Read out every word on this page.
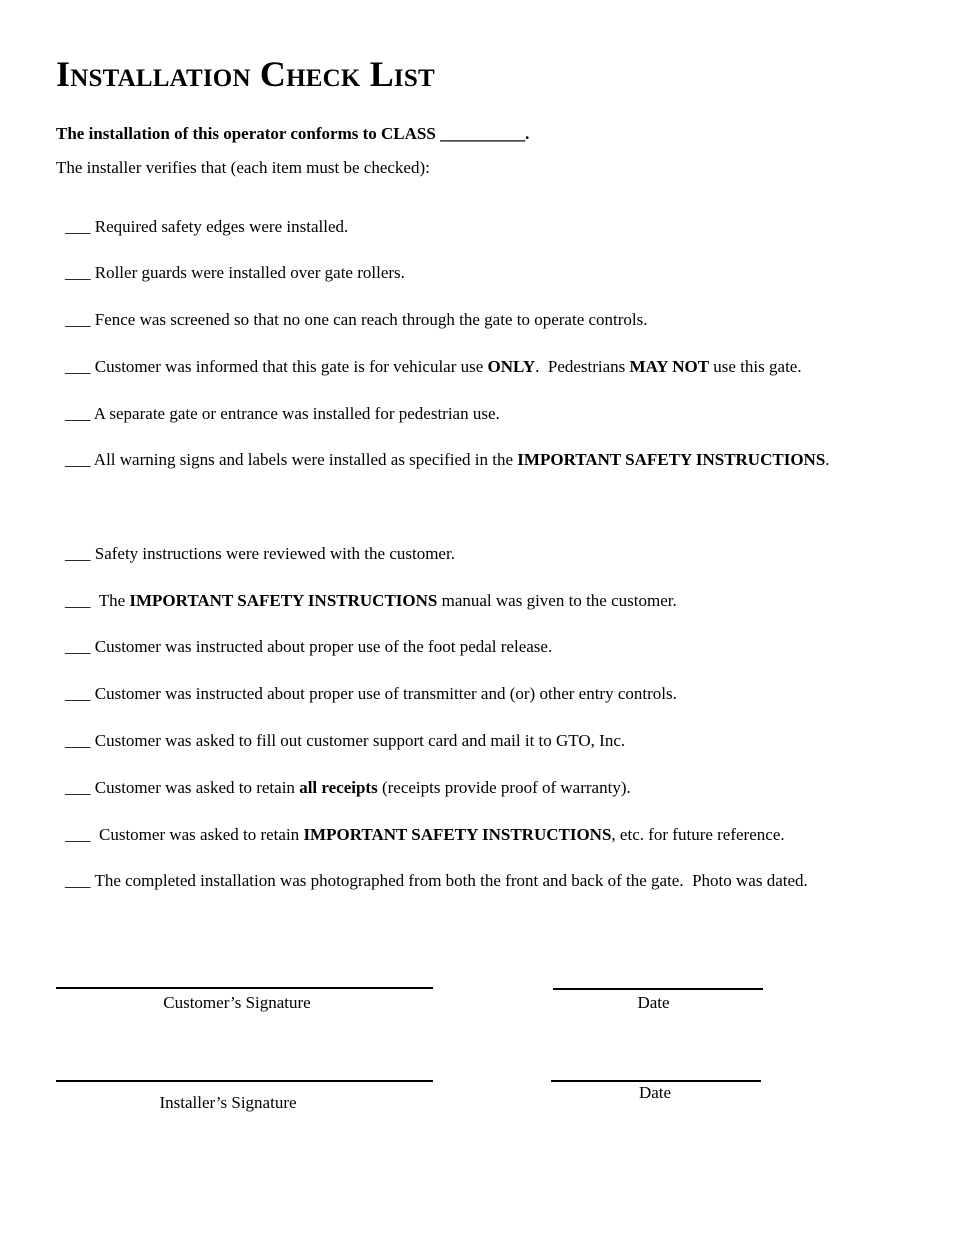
Installation Check List
The installation of this operator conforms to CLASS __________.
The installer verifies that (each item must be checked):
___ Required safety edges were installed.
___ Roller guards were installed over gate rollers.
___ Fence was screened so that no one can reach through the gate to operate controls.
___ Customer was informed that this gate is for vehicular use ONLY.  Pedestrians MAY NOT use this gate.
___ A separate gate or entrance was installed for pedestrian use.
___ All warning signs and labels were installed as specified in the IMPORTANT SAFETY INSTRUCTIONS.
___ Safety instructions were reviewed with the customer.
___  The IMPORTANT SAFETY INSTRUCTIONS manual was given to the customer.
___ Customer was instructed about proper use of the foot pedal release.
___ Customer was instructed about proper use of transmitter and (or) other entry controls.
___ Customer was asked to fill out customer support card and mail it to GTO, Inc.
___ Customer was asked to retain all receipts (receipts provide proof of warranty).
___  Customer was asked to retain IMPORTANT SAFETY INSTRUCTIONS, etc. for future reference.
___ The completed installation was photographed from both the front and back of the gate.  Photo was dated.
Customer’s Signature	Date
Installer’s Signature
Date
